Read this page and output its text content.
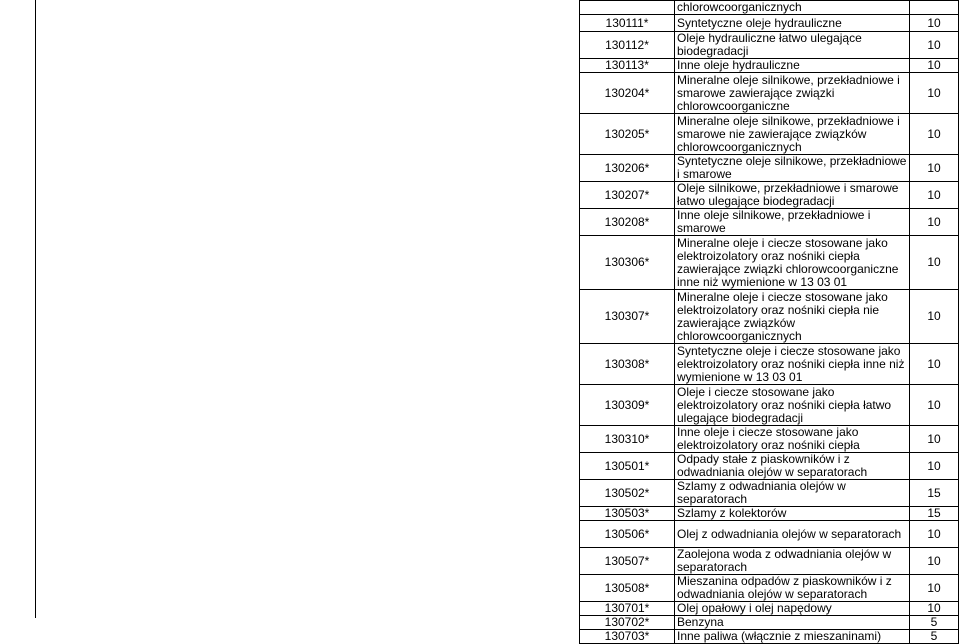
	chlorowcoorganicznych	
130111*	Syntetyczne oleje hydrauliczne	10
130112*	Oleje hydrauliczne łatwo ulegające biodegradacji	10
130113*	Inne oleje hydrauliczne	10
130204*	Mineralne oleje silnikowe, przekładniowe i smarowe zawierające związki chlorowcoorganiczne	10
130205*	Mineralne oleje silnikowe, przekładniowe i smarowe nie zawierające związków chlorowcoorganicznych	10
130206*	Syntetyczne oleje silnikowe, przekładniowe i smarowe	10
130207*	Oleje silnikowe, przekładniowe i smarowe łatwo ulegające biodegradacji	10
130208*	Inne oleje silnikowe, przekładniowe i smarowe	10
130306*	Mineralne oleje i ciecze stosowane jako elektroizolatory oraz nośniki ciepła zawierające związki chlorowcoorganiczne inne niż wymienione w 13 03 01	10
130307*	Mineralne oleje i ciecze stosowane jako elektroizolatory oraz nośniki ciepła nie zawierające związków chlorowcoorganicznych	10
130308*	Syntetyczne oleje i ciecze stosowane jako elektroizolatory oraz nośniki ciepła inne niż wymienione w 13 03 01	10
130309*	Oleje i ciecze stosowane jako elektroizolatory oraz nośniki ciepła łatwo ulegające biodegradacji	10
130310*	Inne oleje i ciecze stosowane jako elektroizolatory oraz nośniki ciepła	10
130501*	Odpady stałe z piaskowników i z odwadniania olejów w separatorach	10
130502*	Szlamy z odwadniania olejów w separatorach	15
130503*	Szlamy z kolektorów	15
130506*	Olej z odwadniania olejów w separatorach	10
130507*	Zaolejona woda z odwadniania olejów w separatorach	10
130508*	Mieszanina odpadów z piaskowników i z odwadniania olejów w separatorach	10
130701*	Olej opałowy i olej napędowy	10
130702*	Benzyna	5
130703*	Inne paliwa (włącznie z mieszaninami)	5
